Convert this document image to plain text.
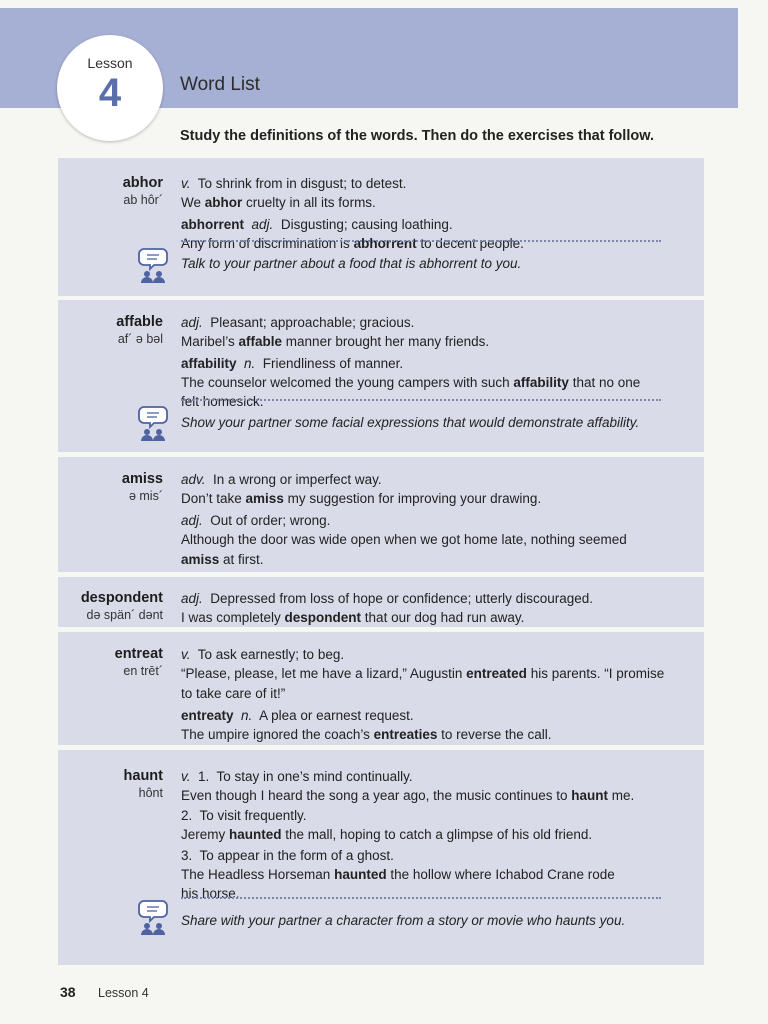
Lesson
4	Word List
Study the definitions of the words. Then do the exercises that follow.
abhor
ab hôr´
v.  To shrink from in disgust; to detest.
We abhor cruelty in all its forms.
abhorrent adj.  Disgusting; causing loathing.
Any form of discrimination is abhorrent to decent people.
Talk to your partner about a food that is abhorrent to you.
affable
af´ ə bəl
adj.  Pleasant; approachable; gracious.
Maribel’s affable manner brought her many friends.
affability n.  Friendliness of manner.
The counselor welcomed the young campers with such affability that no one
felt homesick.
Show your partner some facial expressions that would demonstrate affability.
amiss
ə mis´
adv.  In a wrong or imperfect way.
Don’t take amiss my suggestion for improving your drawing.
adj.  Out of order; wrong.
Although the door was wide open when we got home late, nothing seemed
amiss at first.
despondent
də spän´ dənt
adj.  Depressed from loss of hope or confidence; utterly discouraged.
I was completely despondent that our dog had run away.
entreat
en trēt´
v.  To ask earnestly; to beg.
“Please, please, let me have a lizard,” Augustin entreated his parents. “I promise
to take care of it!”
entreaty n.  A plea or earnest request.
The umpire ignored the coach’s entreaties to reverse the call.
haunt
hônt
v.  1.  To stay in one’s mind continually.
Even though I heard the song a year ago, the music continues to haunt me.
2.  To visit frequently.
Jeremy haunted the mall, hoping to catch a glimpse of his old friend.
3.  To appear in the form of a ghost.
The Headless Horseman haunted the hollow where Ichabod Crane rode
his horse.
Share with your partner a character from a story or movie who haunts you.
38 Lesson 4
